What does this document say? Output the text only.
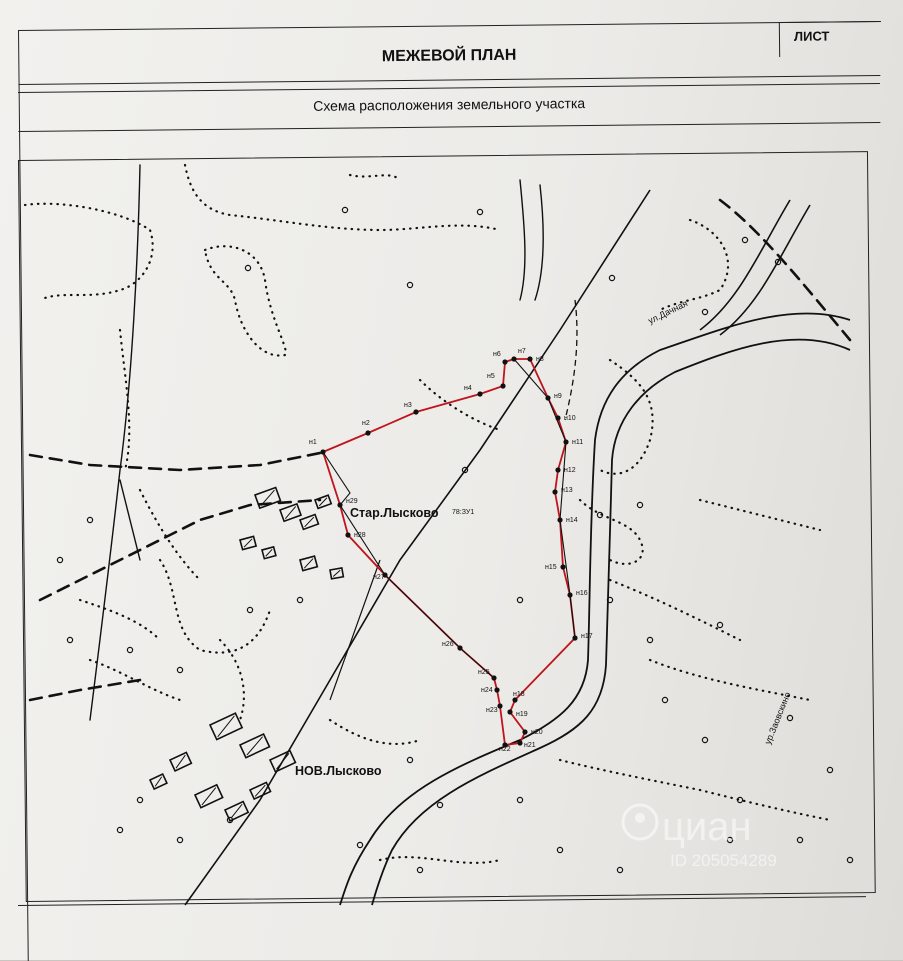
МЕЖЕВОЙ ПЛАН
ЛИСТ
Схема расположения земельного участка
н1
н2
н3
н4
н5
н6 н7
н8
н9
н10
н11
н12
н13
н14
н15
н16
н17
н18
н19
н20
н21
н22
н23
н24
н25
н26
н27
н28
н29
Стар.Лысково
НОВ.Лысково
78:ЗУ1
ул.Дачная
ур.Заовскино
циан
ID 205054289
